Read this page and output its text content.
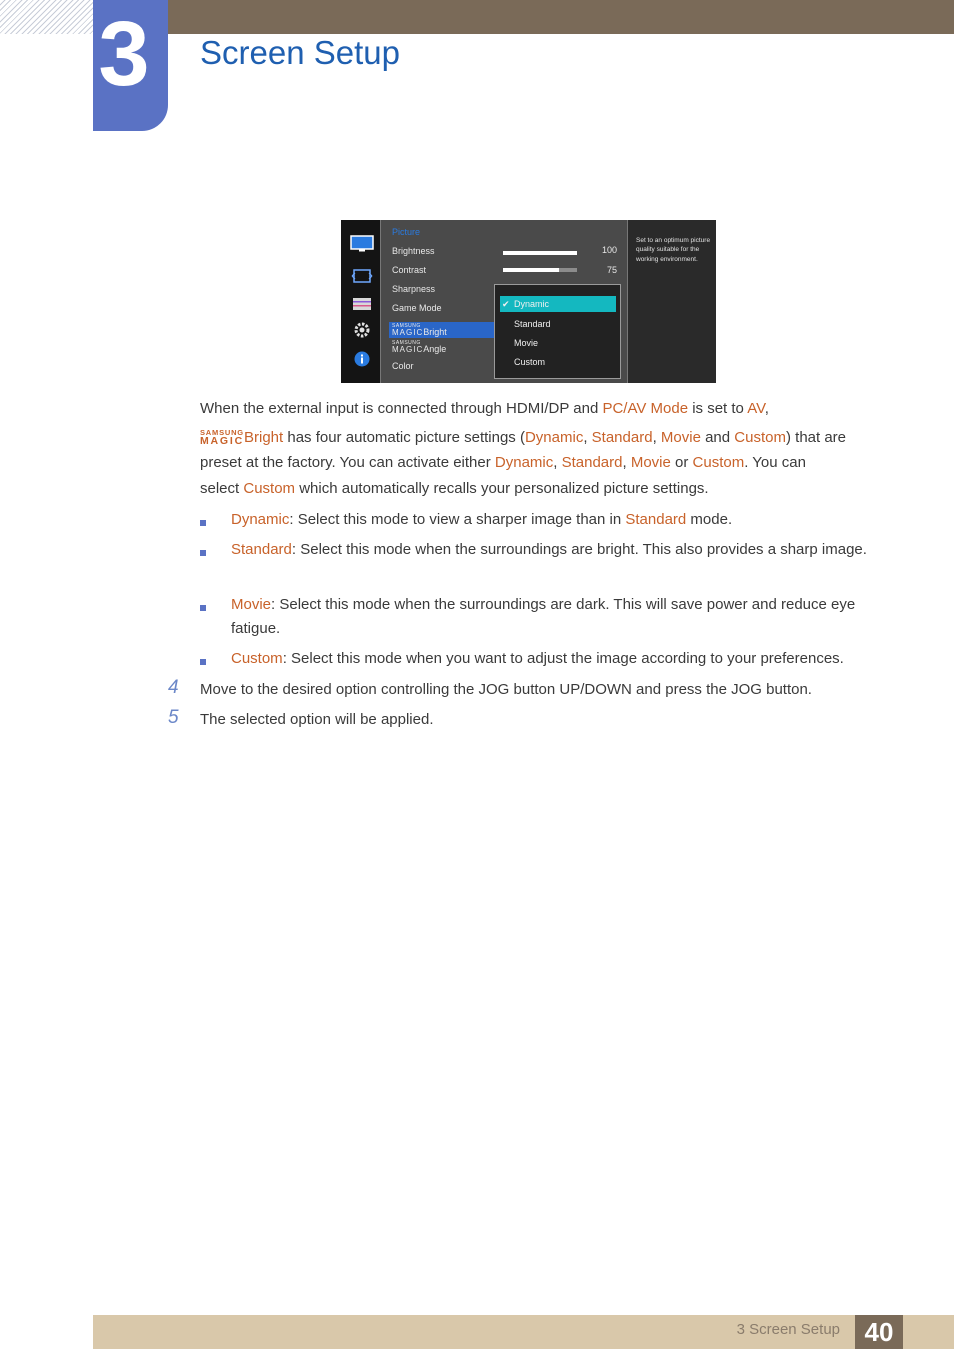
3 Screen Setup
Picture
Brightness	100
Contrast	75
Sharpness
Game Mode
SAMSUNG
MAGIC Bright
SAMSUNG
MAGIC Angle
Color
✔ Dynamic
Standard
Movie
Custom
Set to an optimum picture quality suitable for the working environment.
When the external input is connected through HDMI/DP and PC/AV Mode is set to AV,
SAMSUNG
MAGIC Bright has four automatic picture settings (Dynamic, Standard, Movie and Custom) that are
preset at the factory. You can activate either Dynamic, Standard, Movie or Custom. You can
select Custom which automatically recalls your personalized picture settings.
Dynamic: Select this mode to view a sharper image than in Standard mode.
Standard: Select this mode when the surroundings are bright. This also provides a sharp image.
Movie: Select this mode when the surroundings are dark. This will save power and reduce eye fatigue.
Custom: Select this mode when you want to adjust the image according to your preferences.
4	Move to the desired option controlling the JOG button UP/DOWN and press the JOG button.
5	The selected option will be applied.
3 Screen Setup 40
